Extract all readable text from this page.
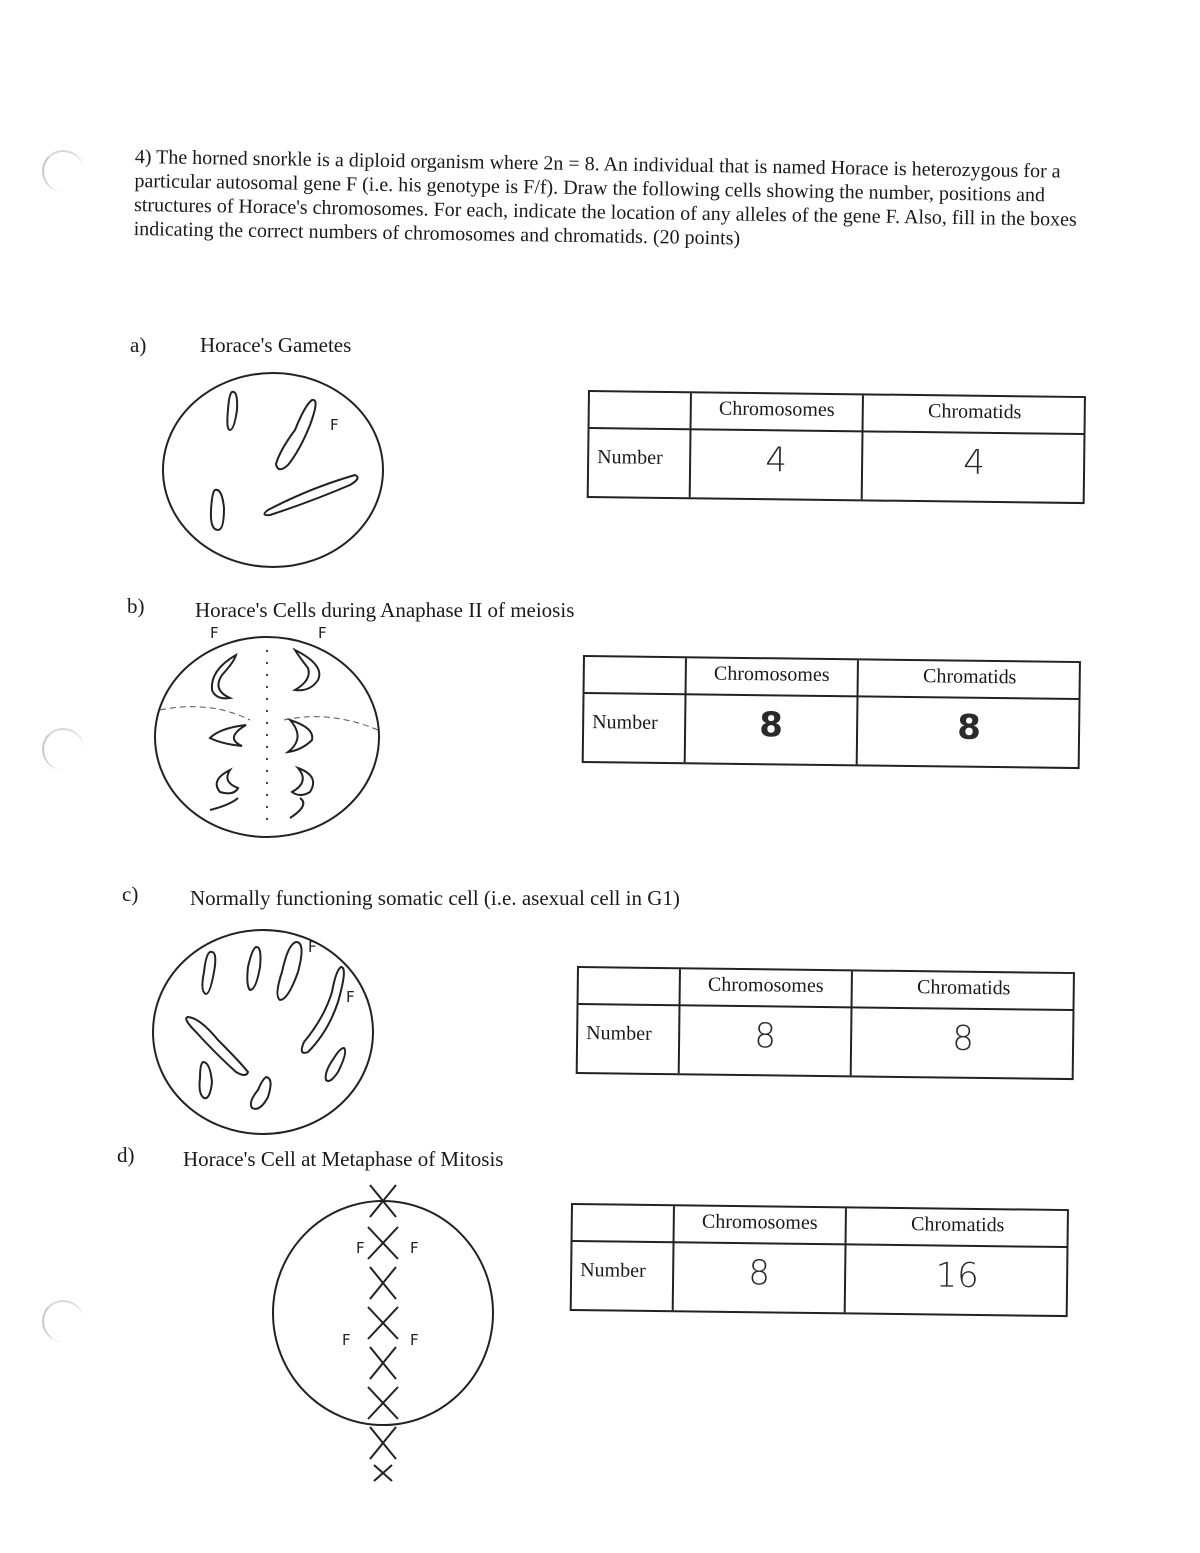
4) The horned snorkle is a diploid organism where 2n = 8. An individual that is named Horace is heterozygous for a particular autosomal gene F (i.e. his genotype is F/f). Draw the following cells showing the number, positions and structures of Horace's chromosomes. For each, indicate the location of any alleles of the gene F. Also, fill in the boxes indicating the correct numbers of chromosomes and chromatids. (20 points)
a)	Horace's Gametes
F
Chromosomes	Chromatids
Number	4	4
b) Horace's Cells during Anaphase II of meiosis
F	F
Chromosomes	Chromatids
Number	8	8
c) Normally functioning somatic cell (i.e. asexual cell in G1)
F
F	Chromosomes	Chromatids
Number	8	8
d) Horace's Cell at Metaphase of Mitosis
F	F
F	F
Chromosomes	Chromatids
Number	8	16
